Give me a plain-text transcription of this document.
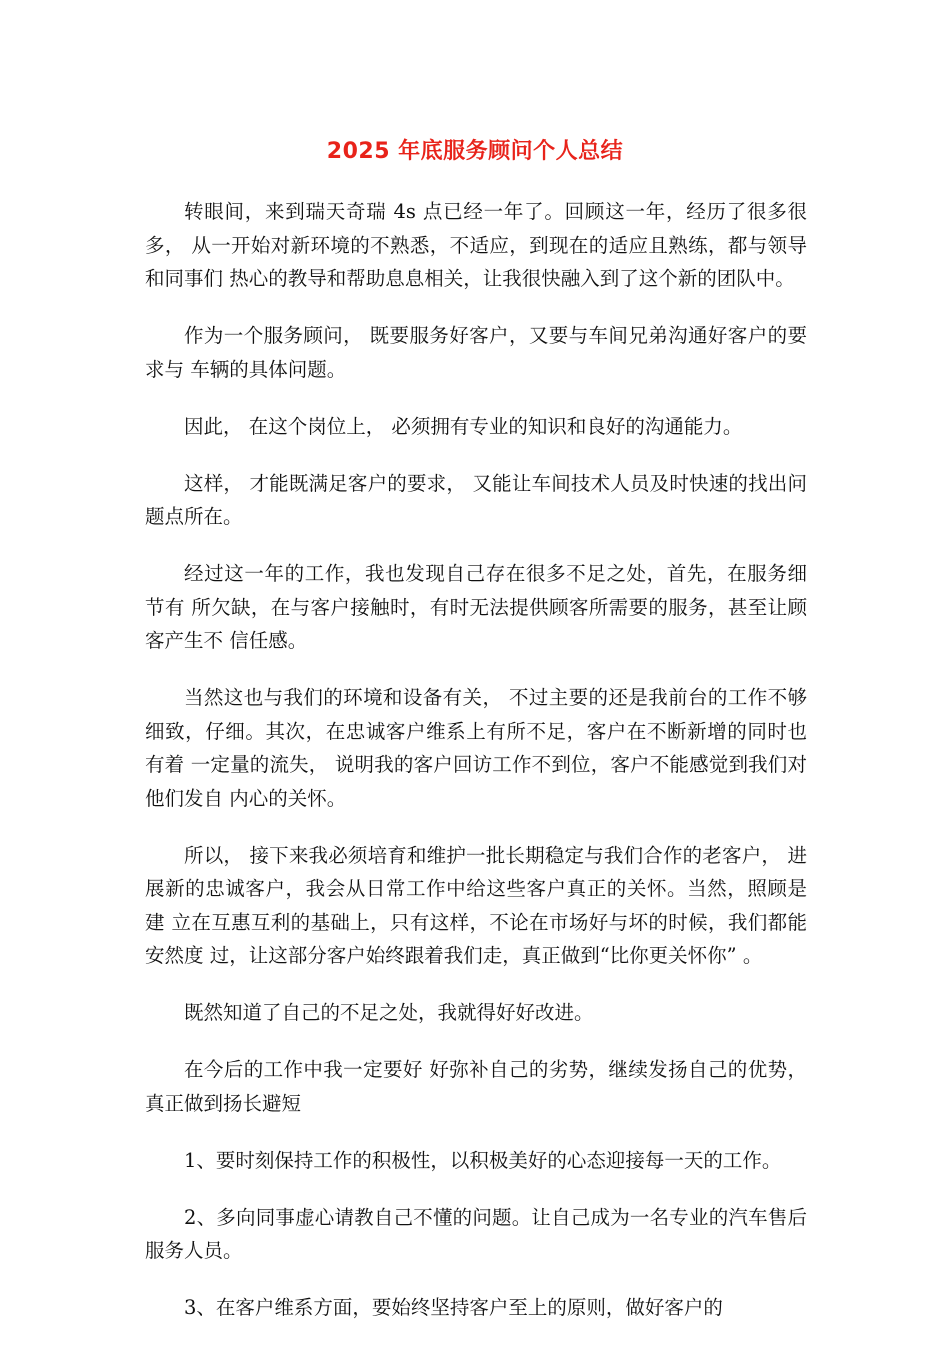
2025 年底服务顾问个人总结

转眼间，来到瑞天奇瑞 4s 点已经一年了。回顾这一年，经历了很多很多， 从一开始对新环境的不熟悉，不适应，到现在的适应且熟练，都与领导和同事们 热心的教导和帮助息息相关，让我很快融入到了这个新的团队中。

作为一个服务顾问， 既要服务好客户，又要与车间兄弟沟通好客户的要求与 车辆的具体问题。

因此， 在这个岗位上， 必须拥有专业的知识和良好的沟通能力。

这样， 才能既满足客户的要求， 又能让车间技术人员及时快速的找出问题点所在。

经过这一年的工作，我也发现自己存在很多不足之处，首先，在服务细节有 所欠缺，在与客户接触时，有时无法提供顾客所需要的服务，甚至让顾客产生不 信任感。

当然这也与我们的环境和设备有关， 不过主要的还是我前台的工作不够 细致，仔细。其次，在忠诚客户维系上有所不足，客户在不断新增的同时也有着 一定量的流失， 说明我的客户回访工作不到位，客户不能感觉到我们对他们发自 内心的关怀。

所以， 接下来我必须培育和维护一批长期稳定与我们合作的老客户， 进展新的忠诚客户，我会从日常工作中给这些客户真正的关怀。当然，照顾是建 立在互惠互利的基础上，只有这样，不论在市场好与坏的时候，我们都能安然度 过，让这部分客户始终跟着我们走，真正做到“比你更关怀你” 。

既然知道了自己的不足之处，我就得好好改进。

在今后的工作中我一定要好 好弥补自己的劣势，继续发扬自己的优势，真正做到扬长避短

1、要时刻保持工作的积极性，以积极美好的心态迎接每一天的工作。

2、多向同事虚心请教自己不懂的问题。让自己成为一名专业的汽车售后 服务人员。

3、在客户维系方面，要始终坚持客户至上的原则，做好客户的
